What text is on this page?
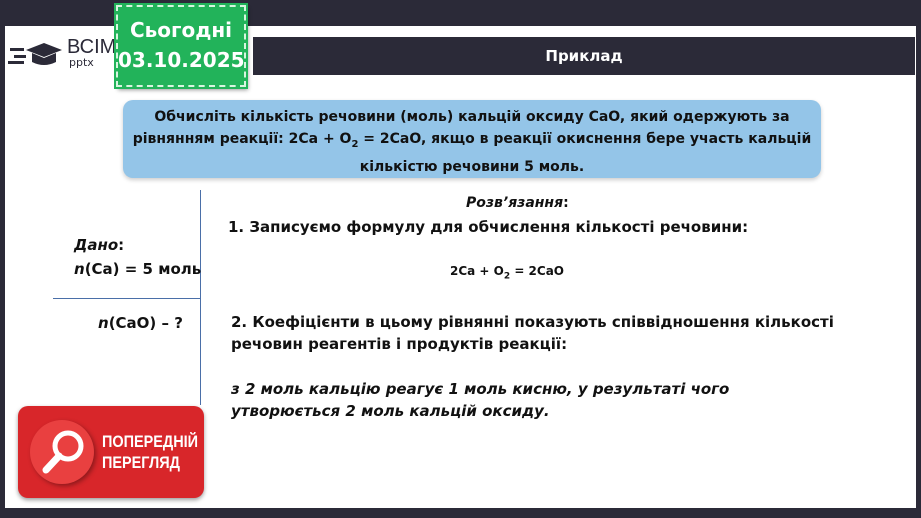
Приклад
ВСІМ
pptx
Сьогодні
03.10.2025
Обчисліть кількість речовини (моль) кальцій оксиду CaO, який одержують за
рівнянням реакції: $2Ca + O_2 = 2CaO$, якщо в реакції окиснення бере участь кальцій
кількістю речовини 5 моль.
Дано:
n(Ca) = 5 моль
n(CaO) – ?
Розв’язання:
1. Записуємо формулу для обчислення кількості речовини:
$2Ca + O_2 = 2CaO$
2. Коефіцієнти в цьому рівнянні показують співвідношення кількості
речовин реагентів і продуктів реакції:
з 2 моль кальцію реагує 1 моль кисню, у результаті чого
утворюється 2 моль кальцій оксиду.
ПОПЕРЕДНІЙ
ПЕРЕГЛЯД
